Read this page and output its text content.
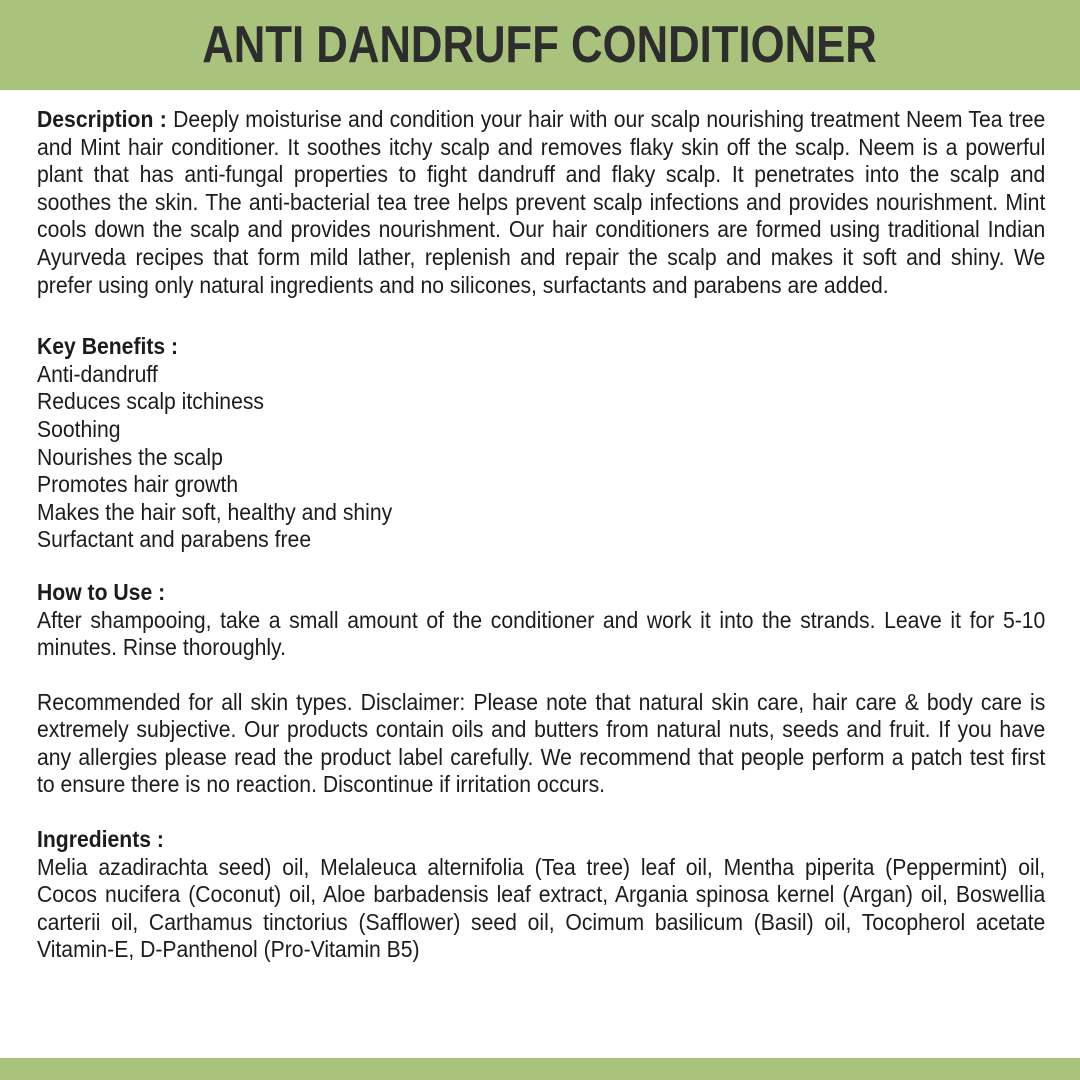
ANTI DANDRUFF CONDITIONER

Description : Deeply moisturise and condition your hair with our scalp nourishing treatment Neem Tea tree and Mint hair conditioner. It soothes itchy scalp and removes flaky skin off the scalp. Neem is a powerful plant that has anti-fungal properties to fight dandruff and flaky scalp. It penetrates into the scalp and soothes the skin. The anti-bacterial tea tree helps prevent scalp infections and provides nourishment. Mint cools down the scalp and provides nourishment. Our hair conditioners are formed using traditional Indian Ayurveda recipes that form mild lather, replenish and repair the scalp and makes it soft and shiny. We prefer using only natural ingredients and no silicones, surfactants and parabens are added.

Key Benefits :
Anti-dandruff
Reduces scalp itchiness
Soothing
Nourishes the scalp
Promotes hair growth
Makes the hair soft, healthy and shiny
Surfactant and parabens free
How to Use :

After shampooing, take a small amount of the conditioner and work it into the strands. Leave it for 5-10 minutes. Rinse thoroughly.

Recommended for all skin types. Disclaimer: Please note that natural skin care, hair care & body care is extremely subjective. Our products contain oils and butters from natural nuts, seeds and fruit. If you have any allergies please read the product label carefully. We recommend that people perform a patch test first to ensure there is no reaction. Discontinue if irritation occurs.

Ingredients :

Melia azadirachta seed) oil, Melaleuca alternifolia (Tea tree) leaf oil, Mentha piperita (Peppermint) oil, Cocos nucifera (Coconut) oil, Aloe barbadensis leaf extract, Argania spinosa kernel (Argan) oil, Boswellia carterii oil, Carthamus tinctorius (Safflower) seed oil, Ocimum basilicum (Basil) oil, Tocopherol acetate Vitamin-E, D-Panthenol (Pro-Vitamin B5)
